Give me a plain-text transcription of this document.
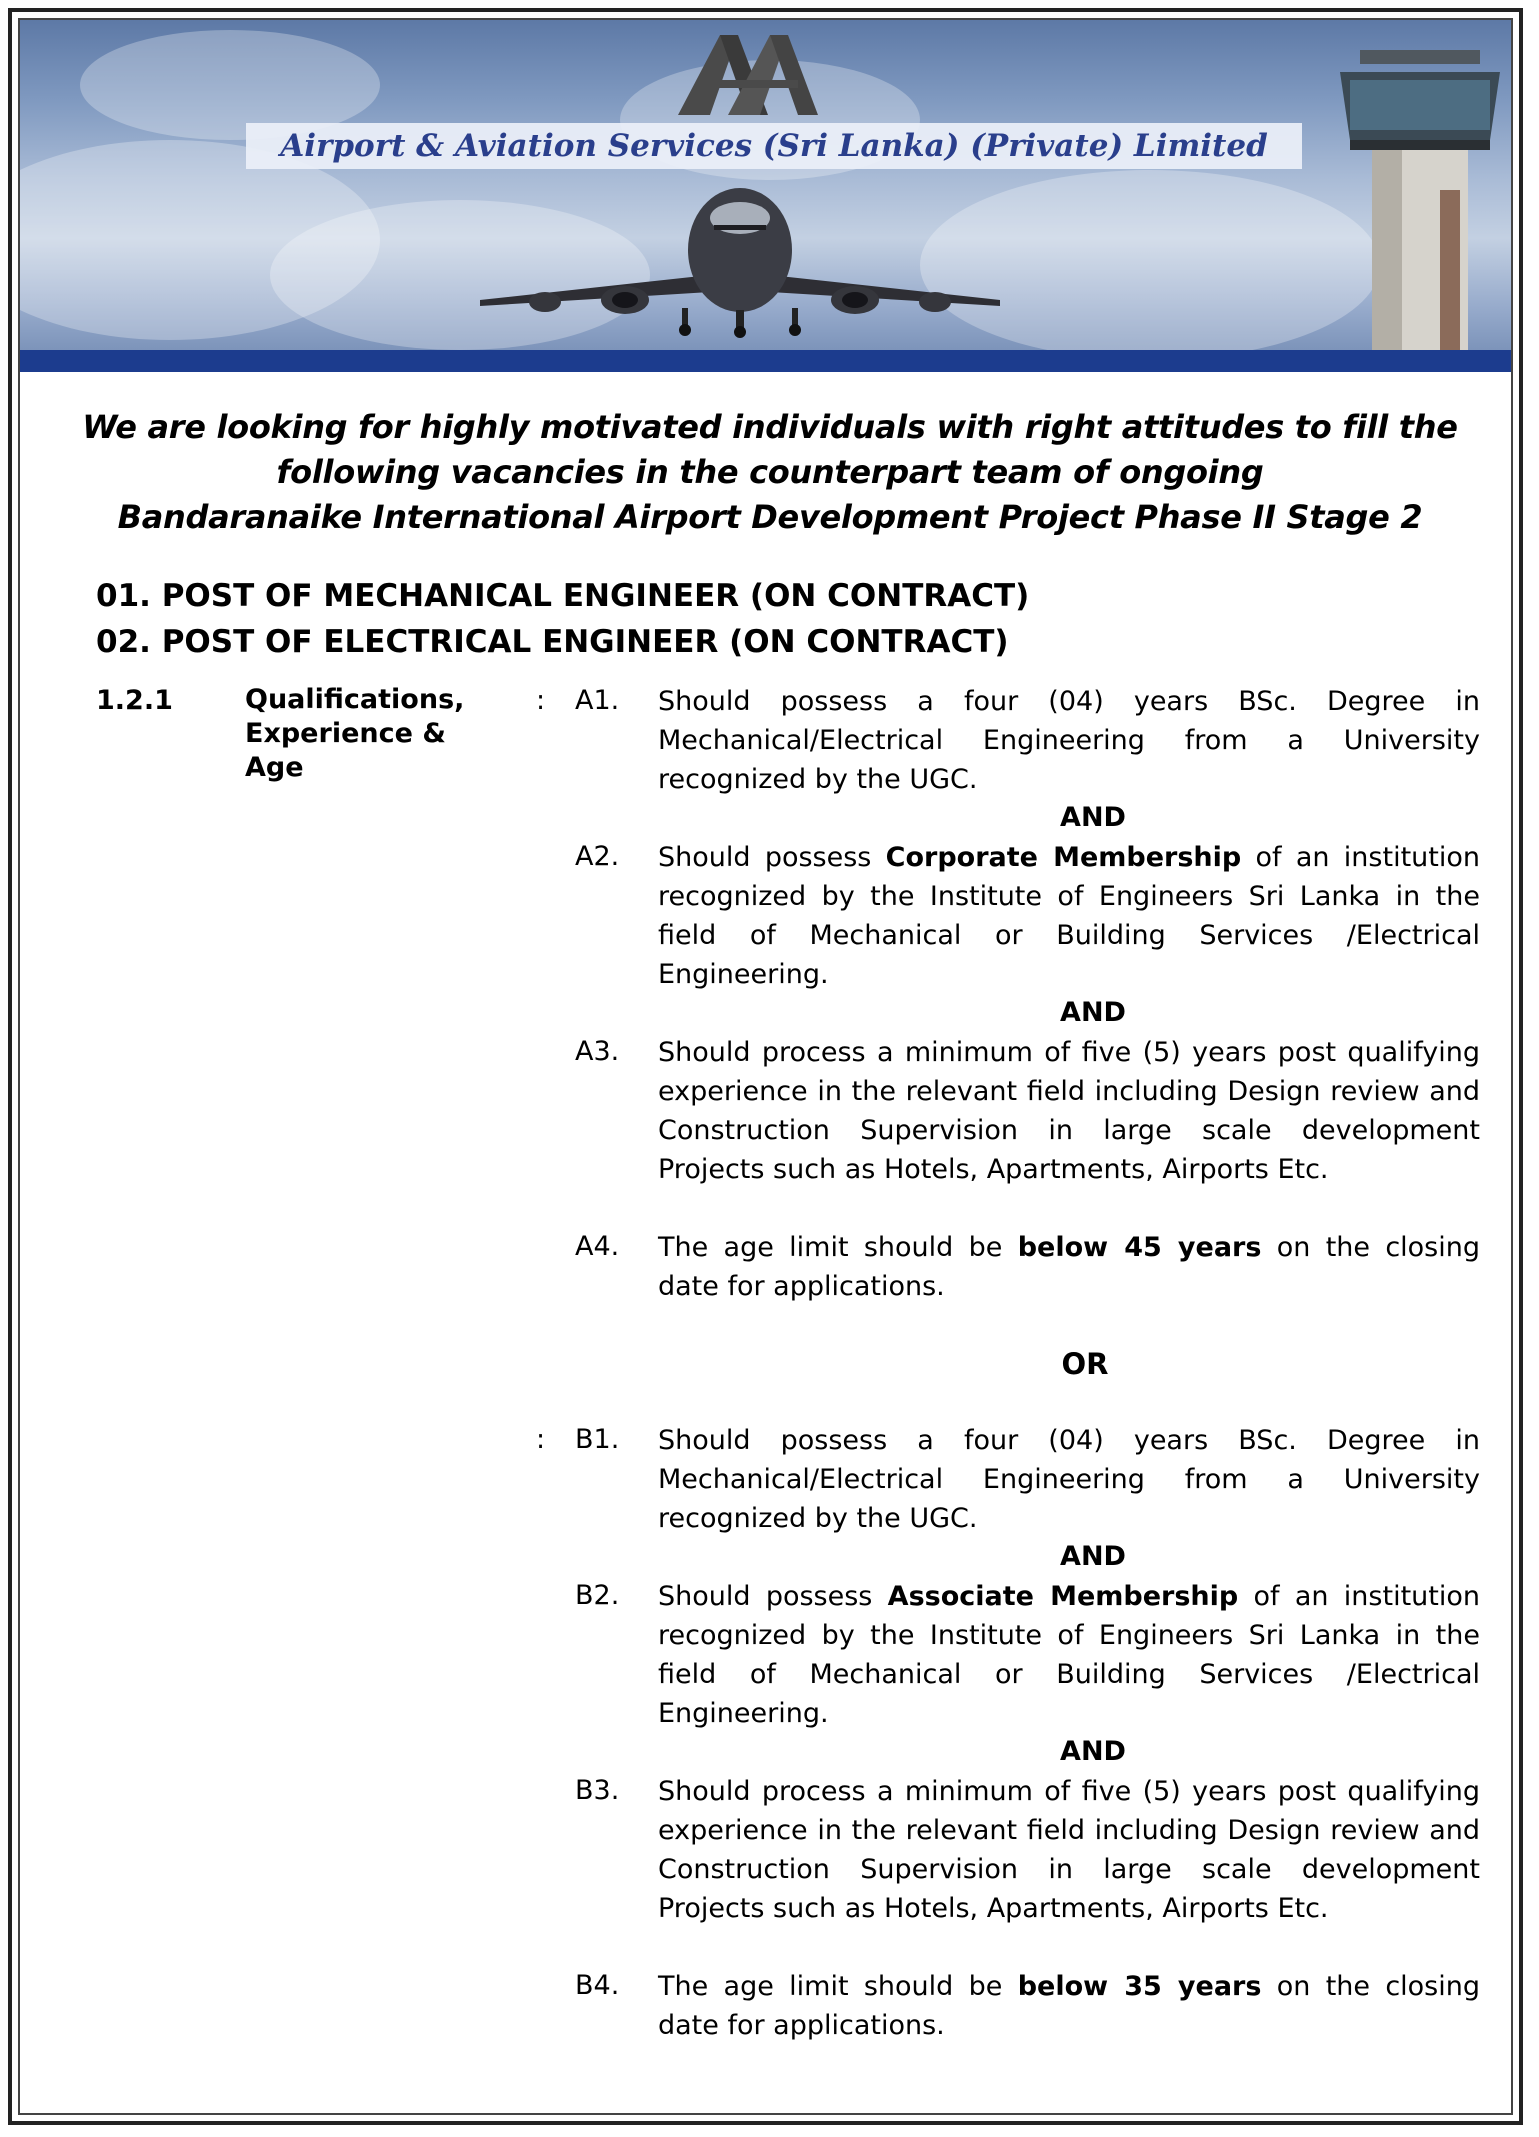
Airport & Aviation Services (Sri Lanka) (Private) Limited
We are looking for highly motivated individuals with right attitudes to fill the
following vacancies in the counterpart team of ongoing
Bandaranaike International Airport Development Project Phase II Stage 2
01. POST OF MECHANICAL ENGINEER (ON CONTRACT)
02. POST OF ELECTRICAL ENGINEER (ON CONTRACT)
1.2.1	Qualifications,
Experience &
Age
: A1. Should possess a four (04) years BSc. Degree in Mechanical/Electrical Engineering from a University recognized by the UGC.
AND
A2. Should possess Corporate Membership of an institution recognized by the Institute of Engineers Sri Lanka in the field of Mechanical or Building Services /Electrical Engineering.
AND
A3. Should process a minimum of five (5) years post qualifying experience in the relevant field including Design review and Construction Supervision in large scale development Projects such as Hotels, Apartments, Airports Etc.
A4. The age limit should be below 45 years on the closing date for applications.
OR
: B1. Should possess a four (04) years BSc. Degree in Mechanical/Electrical Engineering from a University recognized by the UGC.
AND
B2. Should possess Associate Membership of an institution recognized by the Institute of Engineers Sri Lanka in the field of Mechanical or Building Services /Electrical Engineering.
AND
B3. Should process a minimum of five (5) years post qualifying experience in the relevant field including Design review and Construction Supervision in large scale development Projects such as Hotels, Apartments, Airports Etc.
B4. The age limit should be below 35 years on the closing date for applications.
